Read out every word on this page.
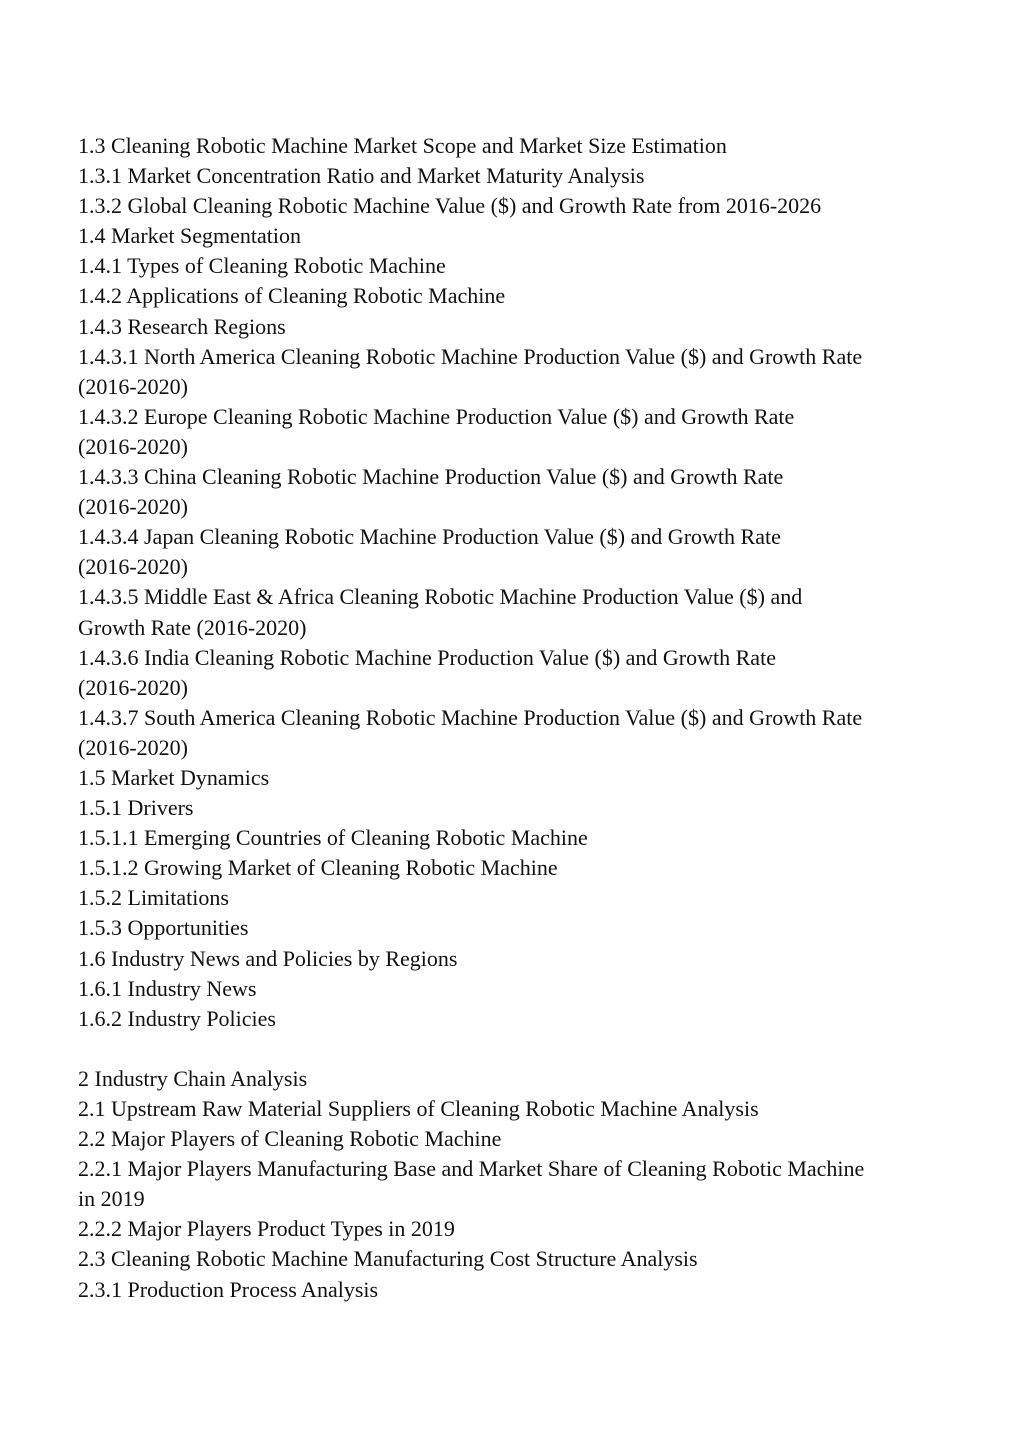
1.3 Cleaning Robotic Machine Market Scope and Market Size Estimation
1.3.1 Market Concentration Ratio and Market Maturity Analysis
1.3.2 Global Cleaning Robotic Machine Value ($) and Growth Rate from 2016-2026
1.4 Market Segmentation
1.4.1 Types of Cleaning Robotic Machine
1.4.2 Applications of Cleaning Robotic Machine
1.4.3 Research Regions
1.4.3.1 North America Cleaning Robotic Machine Production Value ($) and Growth Rate
(2016-2020)
1.4.3.2 Europe Cleaning Robotic Machine Production Value ($) and Growth Rate
(2016-2020)
1.4.3.3 China Cleaning Robotic Machine Production Value ($) and Growth Rate
(2016-2020)
1.4.3.4 Japan Cleaning Robotic Machine Production Value ($) and Growth Rate
(2016-2020)
1.4.3.5 Middle East & Africa Cleaning Robotic Machine Production Value ($) and
Growth Rate (2016-2020)
1.4.3.6 India Cleaning Robotic Machine Production Value ($) and Growth Rate
(2016-2020)
1.4.3.7 South America Cleaning Robotic Machine Production Value ($) and Growth Rate
(2016-2020)
1.5 Market Dynamics
1.5.1 Drivers
1.5.1.1 Emerging Countries of Cleaning Robotic Machine
1.5.1.2 Growing Market of Cleaning Robotic Machine
1.5.2 Limitations
1.5.3 Opportunities
1.6 Industry News and Policies by Regions
1.6.1 Industry News
1.6.2 Industry Policies
2 Industry Chain Analysis
2.1 Upstream Raw Material Suppliers of Cleaning Robotic Machine Analysis
2.2 Major Players of Cleaning Robotic Machine
2.2.1 Major Players Manufacturing Base and Market Share of Cleaning Robotic Machine
in 2019
2.2.2 Major Players Product Types in 2019
2.3 Cleaning Robotic Machine Manufacturing Cost Structure Analysis
2.3.1 Production Process Analysis
